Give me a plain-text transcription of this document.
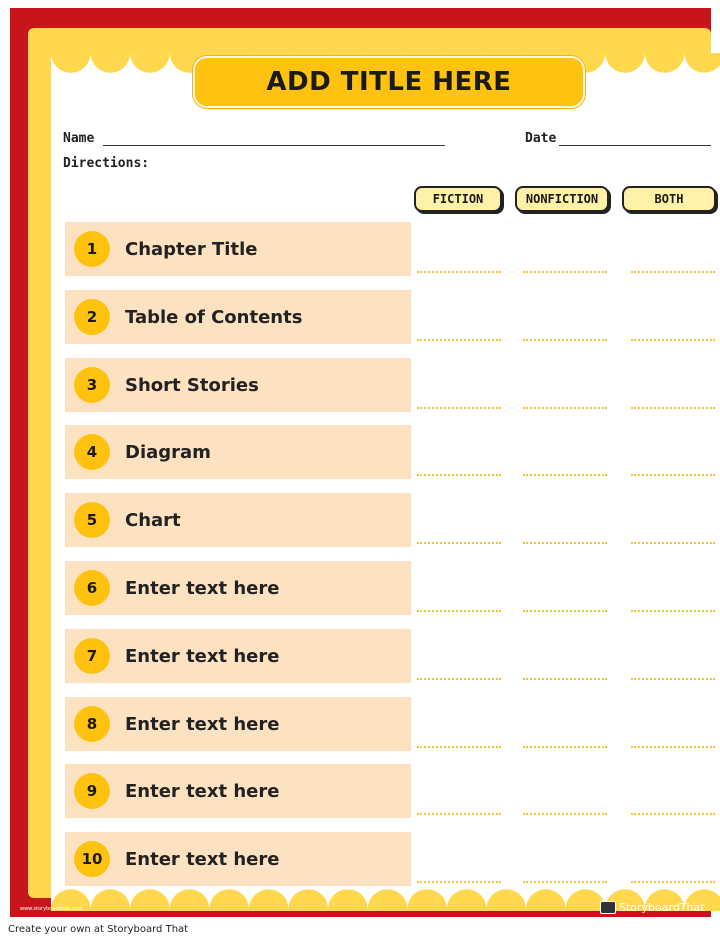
ADD TITLE HERE
Name	Date
Directions:
FICTION	NONFICTION	BOTH
1	Chapter Title
2	Table of Contents
3	Short Stories
4	Diagram
5	Chart
6	Enter text here
7	Enter text here
8	Enter text here
9	Enter text here
10	Enter text here
www.storyboardthat.com	StoryboardThat
Create your own at Storyboard That
